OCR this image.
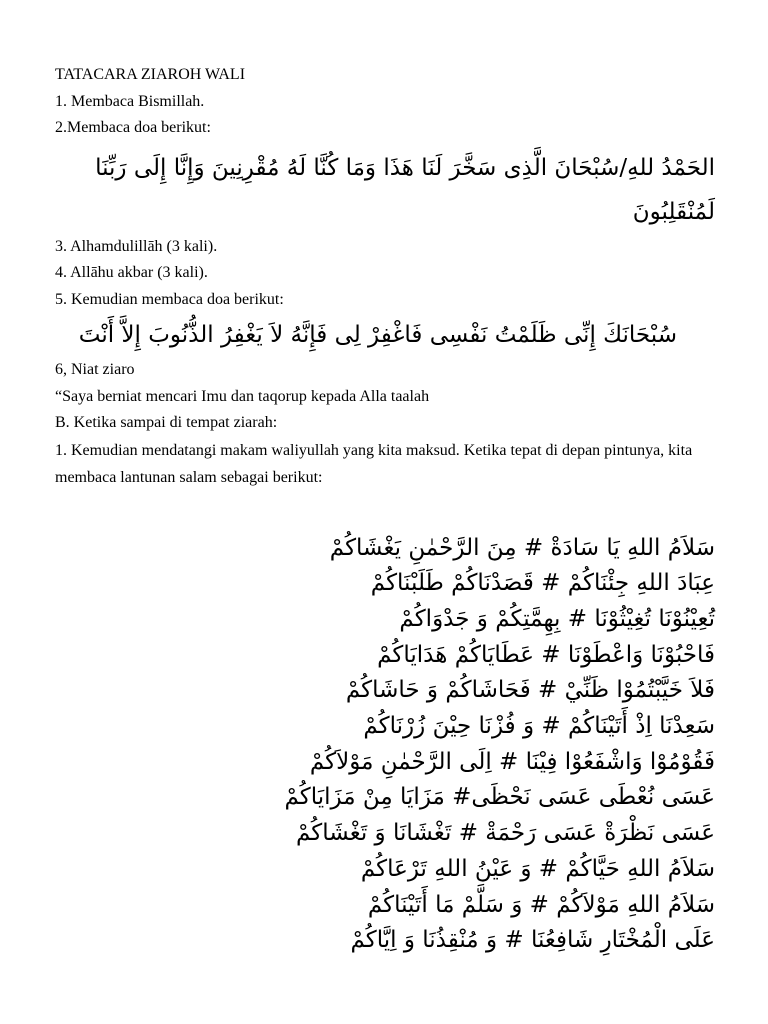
TATACARA ZIAROH WALI
1. Membaca Bismillah.
2.Membaca doa berikut:
الحَمْدُ للهِ/سُبْحَانَ الَّذِى سَخَّرَ لَنَا هَذَا وَمَا كُنَّا لَهُ مُقْرِنِينَ وَإِنَّا إِلَى رَبِّنَا لَمُنْقَلِبُونَ
3. Alhamdulillāh (3 kali).
4. Allāhu akbar (3 kali).
5. Kemudian membaca doa berikut:
سُبْحَانَكَ إِنِّى ظَلَمْتُ نَفْسِى فَاغْفِرْ لِى فَإِنَّهُ لاَ يَغْفِرُ الذُّنُوبَ إِلاَّ أَنْتَ
6, Niat ziaro
“Saya berniat mencari Imu dan taqorup kepada Alla taalah
B. Ketika sampai di tempat ziarah:
1. Kemudian mendatangi makam waliyullah yang kita maksud. Ketika tepat di depan pintunya, kita membaca lantunan salam sebagai berikut:
سَلاَمُ اللهِ يَا سَادَةْ # مِنَ الرَّحْمٰنِ يَغْشَاكُمْ
عِبَادَ اللهِ جِئْنَاكُمْ # قَصَدْنَاكُمْ طَلَبْنَاكُمْ
تُعِيْنُوْنَا تُغِيْثُوْنَا # بِهِمَّتِكُمْ وَ جَدْوَاكُمْ
فَاحْبُوْنَا وَاعْطَوْنَا # عَطَايَاكُمْ هَدَايَاكُمْ
فَلاَ خَيَّبْتُمُوْا ظَنِّيْ # فَحَاشَاكُمْ وَ حَاشَاكُمْ
سَعِدْنَا اِذْ أَتَيْنَاكُمْ # وَ فُزْنَا حِيْنَ زُرْنَاكُمْ
فَقُوْمُوْا وَاشْفَعُوْا فِيْنَا # اِلَى الرَّحْمٰنِ مَوْلاَكُمْ
عَسَى نُعْطَى عَسَى نَحْظَى# مَزَايَا مِنْ مَزَايَاكُمْ
عَسَى نَظْرَةْ عَسَى رَحْمَةْ # تَغْشَانَا وَ تَغْشَاكُمْ
سَلاَمُ اللهِ حَيَّاكُمْ # وَ عَيْنُ اللهِ تَرْعَاكُمْ
سَلاَمُ اللهِ مَوْلاَكُمْ # وَ سَلَّمْ مَا أَتَيْنَاكُمْ
عَلَى الْمُخْتَارِ شَافِعُنَا # وَ مُنْقِذُنَا وَ اِيَّاكُمْ
